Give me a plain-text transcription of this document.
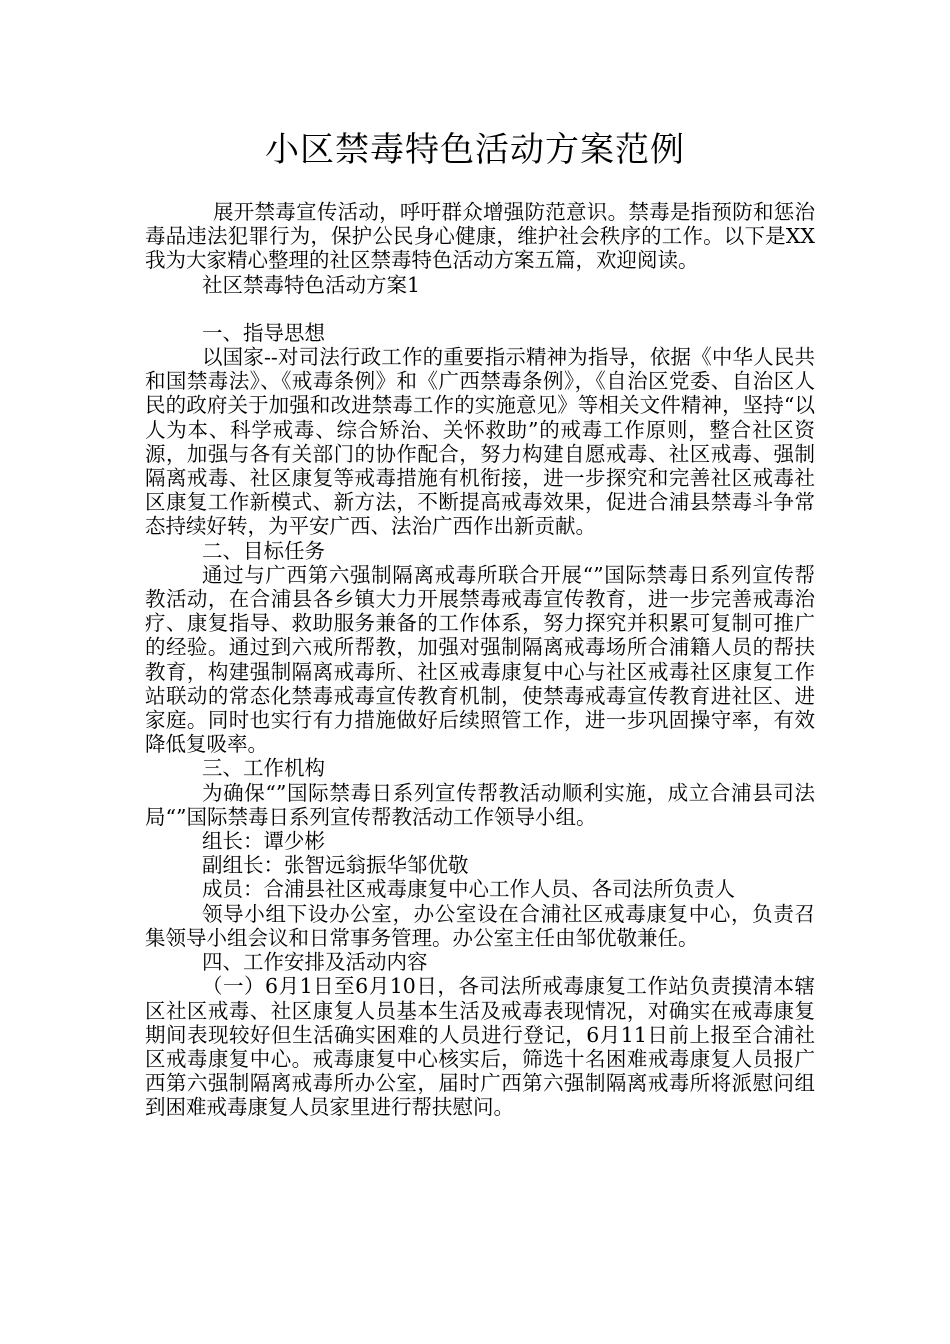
小区禁毒特色活动方案范例

展开禁毒宣传活动，呼吁群众增强防范意识。禁毒是指预防和惩治毒品违法犯罪行为，保护公民身心健康，维护社会秩序的工作。以下是XX我为大家精心整理的社区禁毒特色活动方案五篇，欢迎阅读。

社区禁毒特色活动方案1

一、指导思想

以国家--对司法行政工作的重要指示精神为指导，依据《中华人民共和国禁毒法》、《戒毒条例》和《广西禁毒条例》，《自治区党委、自治区人民的政府关于加强和改进禁毒工作的实施意见》等相关文件精神，坚持“以人为本、科学戒毒、综合矫治、关怀救助”的戒毒工作原则，整合社区资源，加强与各有关部门的协作配合，努力构建自愿戒毒、社区戒毒、强制隔离戒毒、社区康复等戒毒措施有机衔接，进一步探究和完善社区戒毒社区康复工作新模式、新方法，不断提高戒毒效果，促进合浦县禁毒斗争常态持续好转，为平安广西、法治广西作出新贡献。

二、目标任务

通过与广西第六强制隔离戒毒所联合开展“”国际禁毒日系列宣传帮教活动，在合浦县各乡镇大力开展禁毒戒毒宣传教育，进一步完善戒毒治疗、康复指导、救助服务兼备的工作体系，努力探究并积累可复制可推广的经验。通过到六戒所帮教，加强对强制隔离戒毒场所合浦籍人员的帮扶教育，构建强制隔离戒毒所、社区戒毒康复中心与社区戒毒社区康复工作站联动的常态化禁毒戒毒宣传教育机制，使禁毒戒毒宣传教育进社区、进家庭。同时也实行有力措施做好后续照管工作，进一步巩固操守率，有效降低复吸率。

三、工作机构

为确保“”国际禁毒日系列宣传帮教活动顺利实施，成立合浦县司法局“”国际禁毒日系列宣传帮教活动工作领导小组。

组长：谭少彬

副组长：张智远翁振华邹优敬

成员：合浦县社区戒毒康复中心工作人员、各司法所负责人

领导小组下设办公室，办公室设在合浦社区戒毒康复中心，负责召集领导小组会议和日常事务管理。办公室主任由邹优敬兼任。

四、工作安排及活动内容

（一）6月1日至6月10日，各司法所戒毒康复工作站负责摸清本辖区社区戒毒、社区康复人员基本生活及戒毒表现情况，对确实在戒毒康复期间表现较好但生活确实困难的人员进行登记，6月11日前上报至合浦社区戒毒康复中心。戒毒康复中心核实后，筛选十名困难戒毒康复人员报广西第六强制隔离戒毒所办公室，届时广西第六强制隔离戒毒所将派慰问组到困难戒毒康复人员家里进行帮扶慰问。
